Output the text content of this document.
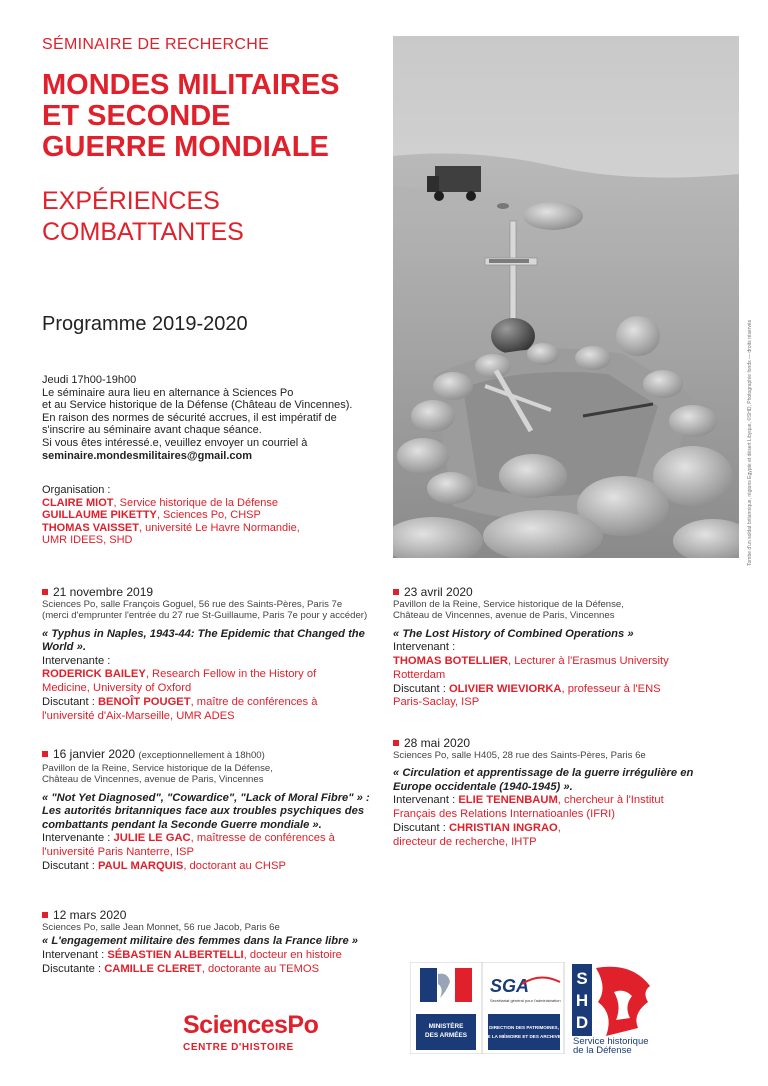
SÉMINAIRE DE RECHERCHE
MONDES MILITAIRES
ET SECONDE
GUERRE MONDIALE
EXPÉRIENCES
COMBATTANTES
Programme 2019-2020
Jeudi 17h00-19h00
Le séminaire aura lieu en alternance à Sciences Po
et au Service historique de la Défense (Château de Vincennes).
En raison des normes de sécurité accrues, il est impératif de
s'inscrire au séminaire avant chaque séance.
Si vous êtes intéressé.e, veuillez envoyer un courriel à
seminaire.mondesmilitaires@gmail.com
Organisation :
CLAIRE MIOT, Service historique de la Défense
GUILLAUME PIKETTY, Sciences Po, CHSP
THOMAS VAISSET, université Le Havre Normandie,
UMR IDEES, SHD	Tombe d'un soldat britannique, régions Egypte et désert Libyque, ©SHD, Photographie fonds — droits réservés
21 novembre 2019
Sciences Po, salle François Goguel, 56 rue des Saints-Pères, Paris 7e
(merci d'emprunter l'entrée du 27 rue St-Guillaume, Paris 7e pour y accéder)
« Typhus in Naples, 1943-44: The Epidemic that Changed the World ».
Intervenante :
RODERICK BAILEY, Research Fellow in the History of
Medicine, University of Oxford
Discutant : BENOÎT POUGET, maître de conférences à
l'université d'Aix-Marseille, UMR ADES
16 janvier 2020 (exceptionnellement à 18h00)
Pavillon de la Reine, Service historique de la Défense,
Château de Vincennes, avenue de Paris, Vincennes
« "Not Yet Diagnosed", "Cowardice", "Lack of Moral Fibre" » : Les autorités britanniques face aux troubles psychiques des combattants pendant la Seconde Guerre mondiale ».
Intervenante : JULIE LE GAC, maîtresse de conférences à
l'université Paris Nanterre, ISP
Discutant : PAUL MARQUIS, doctorant au CHSP
12 mars 2020
Sciences Po, salle Jean Monnet, 56 rue Jacob, Paris 6e
« L'engagement militaire des femmes dans la France libre »
Intervenant : SÉBASTIEN ALBERTELLI, docteur en histoire
Discutante : CAMILLE CLERET, doctorante au TEMOS
23 avril 2020
Pavillon de la Reine, Service historique de la Défense,
Château de Vincennes, avenue de Paris, Vincennes
« The Lost History of Combined Operations »
Intervenant :
THOMAS BOTELLIER, Lecturer à l'Erasmus University
Rotterdam
Discutant : OLIVIER WIEVIORKA, professeur à l'ENS
Paris-Saclay, ISP
28 mai 2020
Sciences Po, salle H405, 28 rue des Saints-Pères, Paris 6e
« Circulation et apprentissage de la guerre irrégulière en Europe occidentale (1940-1945) ».
Intervenant : ELIE TENENBAUM, chercheur à l'Institut
Français des Relations Internatioanles (IFRI)
Discutant : CHRISTIAN INGRAO,
directeur de recherche, IHTP
SciencesPo
CENTRE D'HISTOIRE
MINISTÈRE
DES ARMÉES
SGA
Secrétariat général pour l'administration
DIRECTION DES PATRIMOINES,
DE LA MÉMOIRE ET DES ARCHIVES
S
H
D
Service historique
de la Défense
